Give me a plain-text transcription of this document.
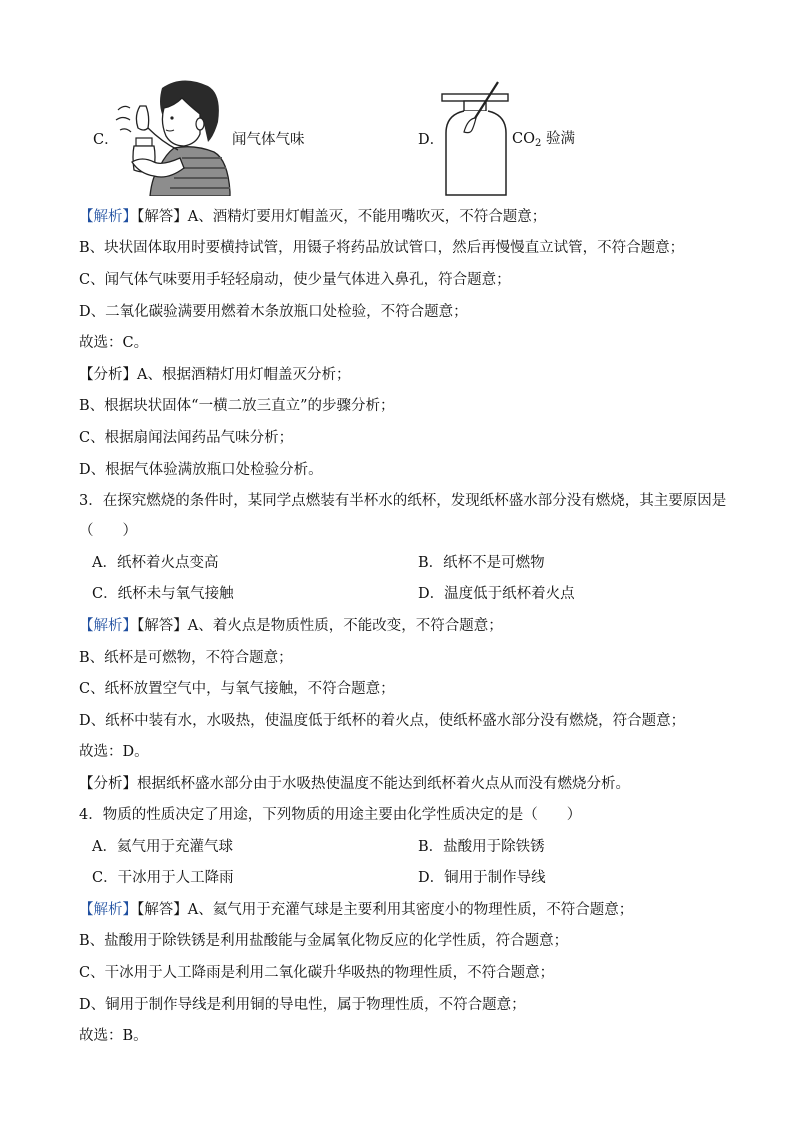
C．	闻气体气味	D．	$CO_2$ 验满
【解析】【解答】A、酒精灯要用灯帽盖灭，不能用嘴吹灭，不符合题意；
B、块状固体取用时要横持试管，用镊子将药品放试管口，然后再慢慢直立试管，不符合题意；
C、闻气体气味要用手轻轻扇动，使少量气体进入鼻孔，符合题意；
D、二氧化碳验满要用燃着木条放瓶口处检验，不符合题意；
故选：C。
【分析】A、根据酒精灯用灯帽盖灭分析；
B、根据块状固体“一横二放三直立”的步骤分析；
C、根据扇闻法闻药品气味分析；
D、根据气体验满放瓶口处检验分析。
3．在探究燃烧的条件时，某同学点燃装有半杯水的纸杯，发现纸杯盛水部分没有燃烧，其主要原因是
（　　）
A．纸杯着火点变高	B．纸杯不是可燃物
C．纸杯未与氧气接触	D．温度低于纸杯着火点
【解析】【解答】A、着火点是物质性质，不能改变，不符合题意；
B、纸杯是可燃物，不符合题意；
C、纸杯放置空气中，与氧气接触，不符合题意；
D、纸杯中装有水，水吸热，使温度低于纸杯的着火点，使纸杯盛水部分没有燃烧，符合题意；
故选：D。
【分析】根据纸杯盛水部分由于水吸热使温度不能达到纸杯着火点从而没有燃烧分析。
4．物质的性质决定了用途，下列物质的用途主要由化学性质决定的是（　　）
A．氦气用于充灌气球	B．盐酸用于除铁锈
C．干冰用于人工降雨	D．铜用于制作导线
【解析】【解答】A、氦气用于充灌气球是主要利用其密度小的物理性质，不符合题意；
B、盐酸用于除铁锈是利用盐酸能与金属氧化物反应的化学性质，符合题意；
C、干冰用于人工降雨是利用二氧化碳升华吸热的物理性质，不符合题意；
D、铜用于制作导线是利用铜的导电性，属于物理性质，不符合题意；
故选：B。
